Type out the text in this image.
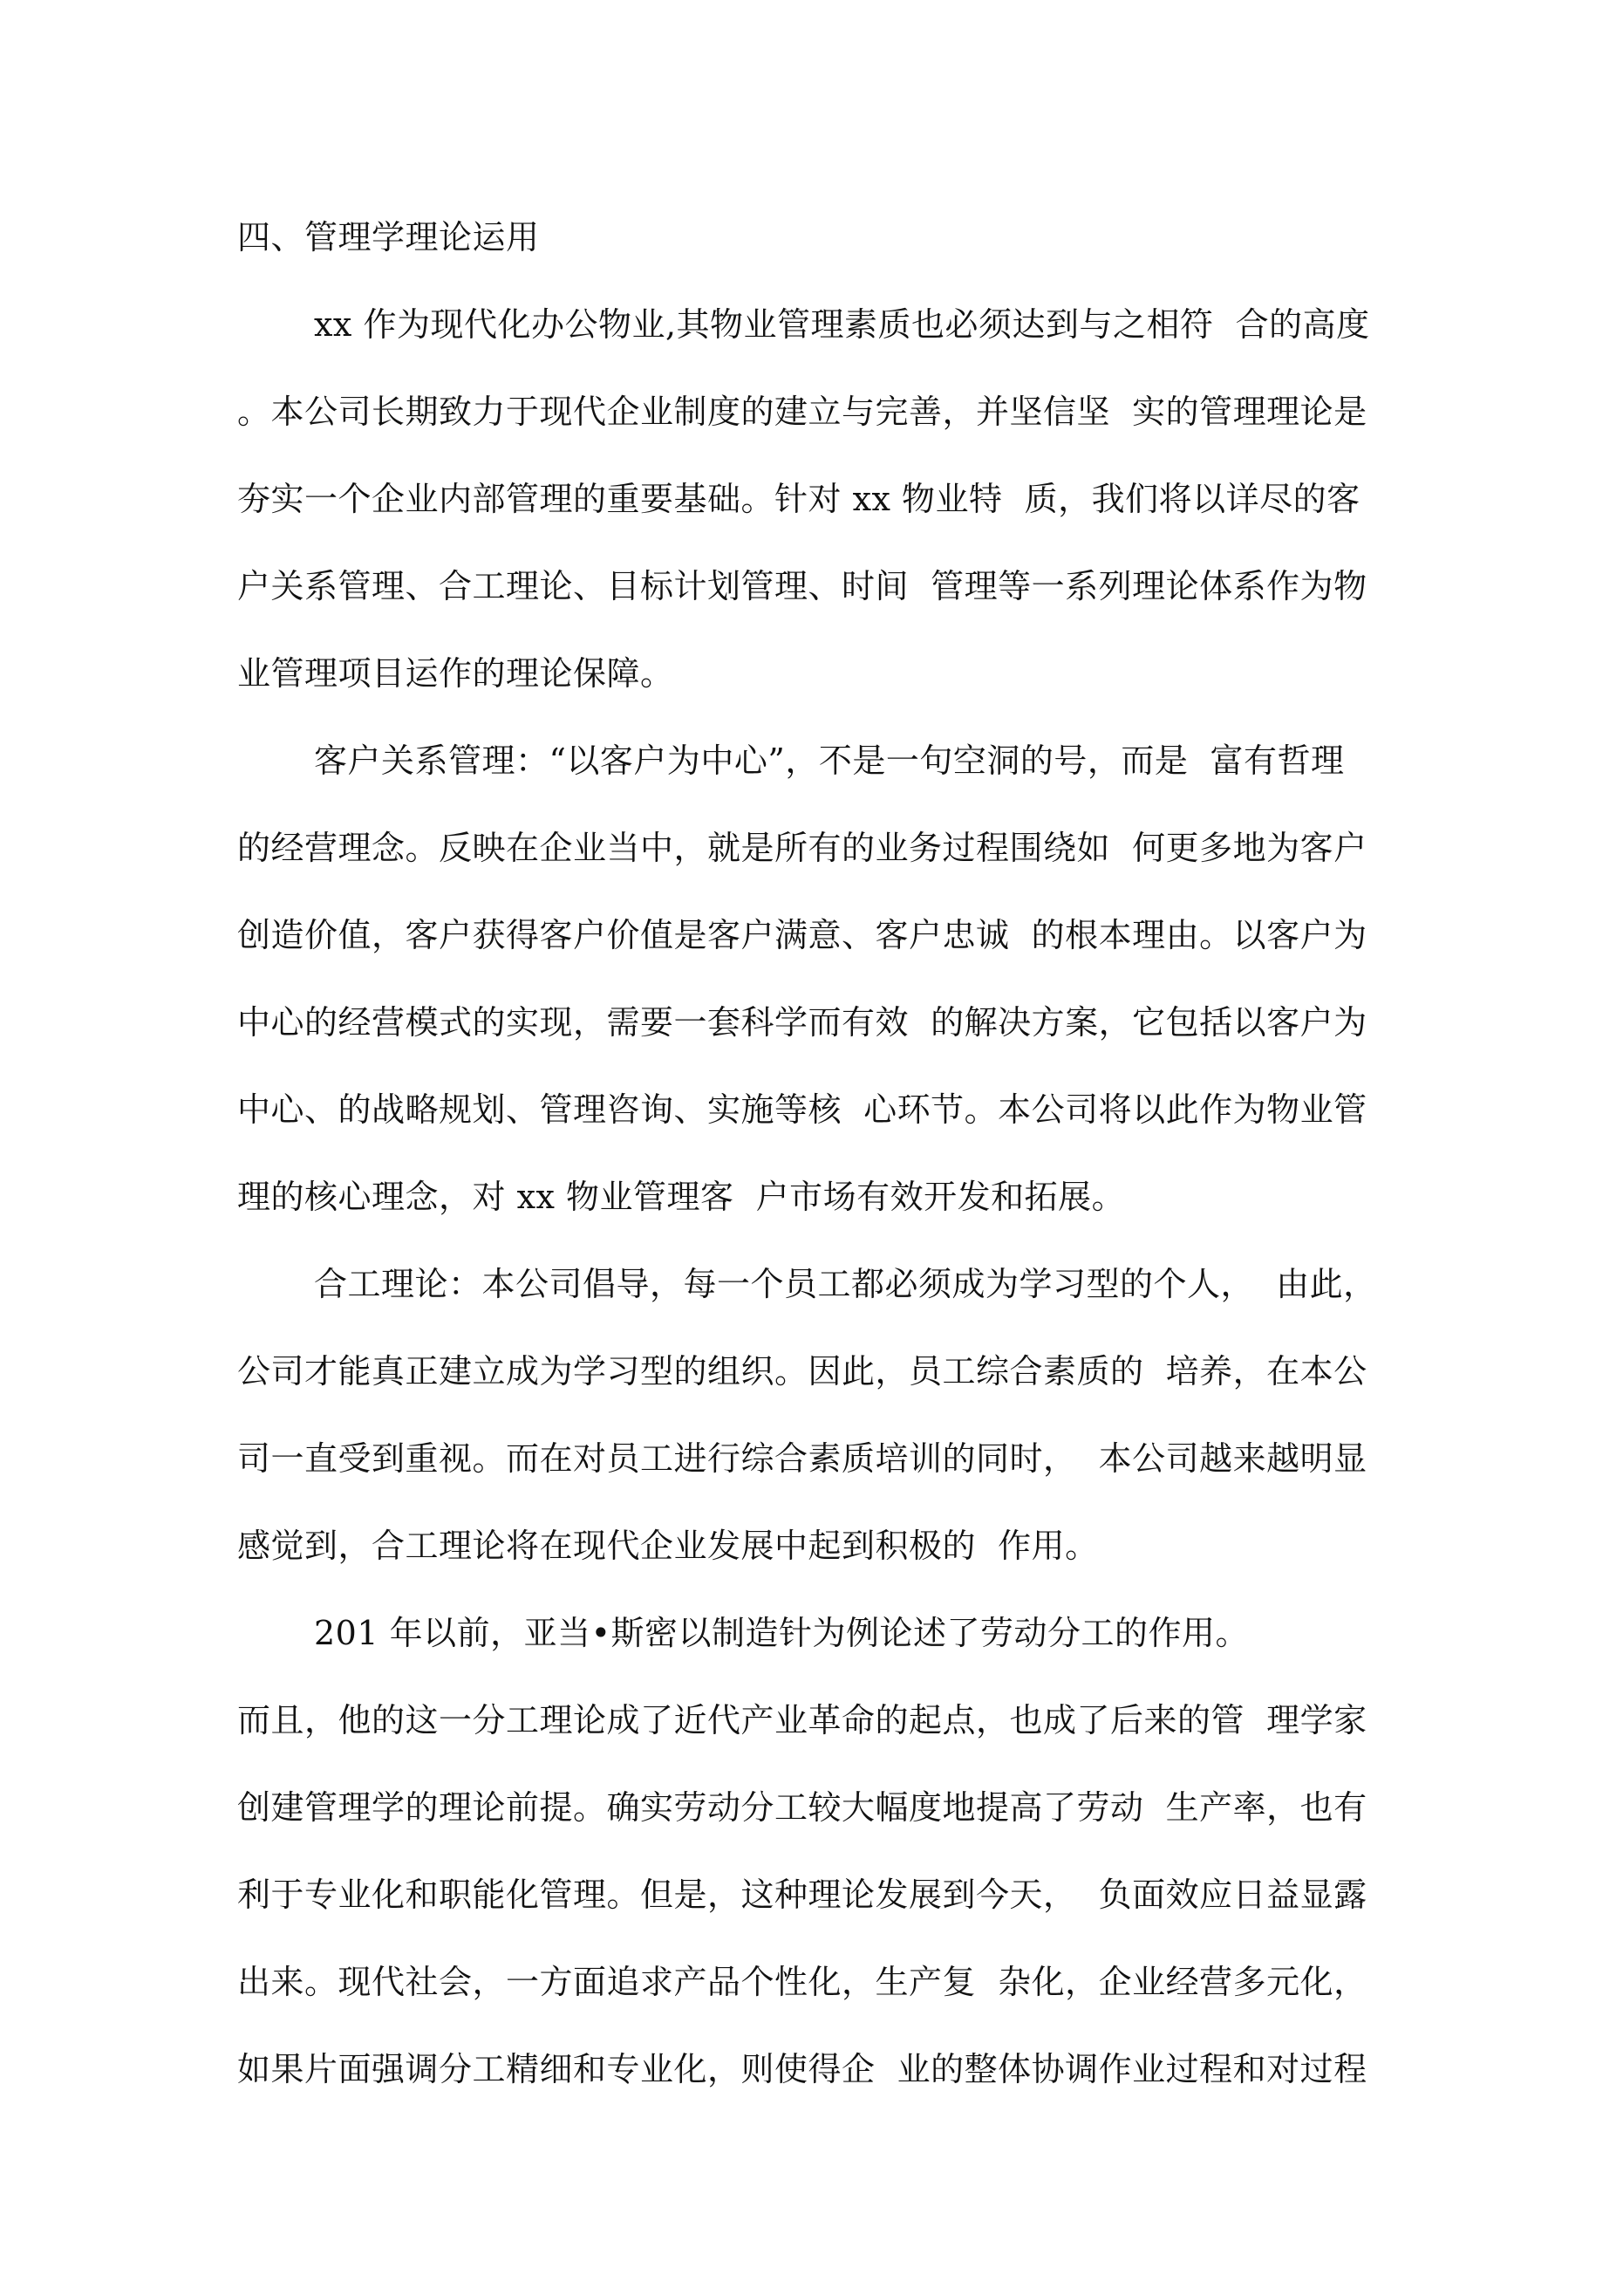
四、管理学理论运用
xx 作为现代化办公物业,其物业管理素质也必须达到与之相符  合的高度
。本公司长期致力于现代企业制度的建立与完善，并坚信坚  实的管理理论是
夯实一个企业内部管理的重要基础。针对 xx 物业特  质，我们将以详尽的客
户关系管理、合工理论、目标计划管理、时间  管理等一系列理论体系作为物
业管理项目运作的理论保障。
客户关系管理：“以客户为中心”，不是一句空洞的号，而是  富有哲理
的经营理念。反映在企业当中，就是所有的业务过程围绕如  何更多地为客户
创造价值，客户获得客户价值是客户满意、客户忠诚  的根本理由。以客户为
中心的经营模式的实现，需要一套科学而有效  的解决方案，它包括以客户为
中心、的战略规划、管理咨询、实施等核  心环节。本公司将以此作为物业管
理的核心理念，对 xx 物业管理客  户市场有效开发和拓展。
合工理论：本公司倡导，每一个员工都必须成为学习型的个人，  由此，
公司才能真正建立成为学习型的组织。因此，员工综合素质的  培养，在本公
司一直受到重视。而在对员工进行综合素质培训的同时，  本公司越来越明显
感觉到，合工理论将在现代企业发展中起到积极的  作用。
201 年以前，亚当•斯密以制造针为例论述了劳动分工的作用。
而且，他的这一分工理论成了近代产业革命的起点，也成了后来的管  理学家
创建管理学的理论前提。确实劳动分工较大幅度地提高了劳动  生产率，也有
利于专业化和职能化管理。但是，这种理论发展到今天，  负面效应日益显露
出来。现代社会，一方面追求产品个性化，生产复  杂化，企业经营多元化，
如果片面强调分工精细和专业化，则使得企  业的整体协调作业过程和对过程
